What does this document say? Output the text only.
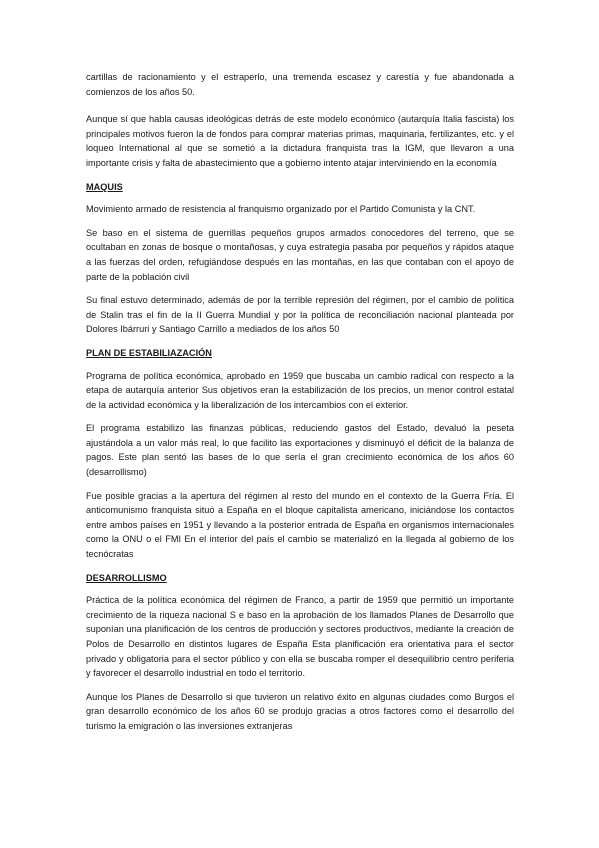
cartillas de racionamiento y el estraperlo, una tremenda escasez y carestía y fue abandonada a comienzos de los años 50.

Aunque sí que habla causas ideológicas detrás de este modelo económico (autarquía Italia fascista) los principales motivos fueron la de fondos para comprar materias primas, maquinaria, fertilizantes, etc. y el loqueo International al que se sometió a la dictadura franquista tras la IGM, que llevaron a una importante crisis y falta de abastecimiento que a gobierno intento atajar interviniendo en la economía

MAQUIS

Movimiento armado de resistencia al franquismo organizado por el Partido Comunista y la CNT.

Se baso en el sistema de guerrillas pequeños grupos armados conocedores del terreno, que se ocultaban en zonas de bosque o montañosas, y cuya estrategia pasaba por pequeños y rápidos ataque a las fuerzas del orden, refugiándose después en las montañas, en las que contaban con el apoyo de parte de la población civil

Su final estuvo determinado, además de por la terrible represión del régimen, por el cambio de política de Stalin tras el fin de la II Guerra Mundial y por la política de reconciliación nacional planteada por Dolores Ibárruri y Santiago Carrillo a mediados de los años 50

PLAN DE ESTABILIAZACIÓN

Programa de política económica, aprobado en 1959 que buscaba un cambio radical con respecto a la etapa de autarquía anterior Sus objetivos eran la estabilización de los precios, un menor control estatal de la actividad económica y la liberalización de los intercambios con el exterior.

El programa estabilizo las finanzas públicas, reduciendo gastos del Estado, devaluó la peseta ajustándola a un valor más real, lo que facilito las exportaciones y disminuyó el déficit de la balanza de pagos. Este plan sentó las bases de lo que sería el gran crecimiento económica de los años 60 (desarrollismo)

Fue posible gracias a la apertura del régimen al resto del mundo en el contexto de la Guerra Fría. El anticomunismo franquista situó a España en el bloque capitalista americano, iniciándose los contactos entre ambos países en 1951 y llevando a la posterior entrada de España en organismos internacionales como la ONU o el FMI En el interior del país el cambio se materializó en la llegada al gobierno de los tecnócratas

DESARROLLISMO

Práctica de la política económica del régimen de Franco, a partir de 1959 que permitió un importante crecimiento de la riqueza nacional S e baso en la aprobación de los llamados Planes de Desarrollo que suponían una planificación de los centros de producción y sectores productivos, mediante la creación de Polos de Desarrollo en distintos lugares de España Esta planificación era orientativa para el sector privado y obligatoria para el sector público y con ella se buscaba romper el desequilibrio centro periferia y favorecer el desarrollo industrial en todo el territorio.

Aunque los Planes de Desarrollo si que tuvieron un relativo éxito en algunas ciudades como Burgos el gran desarrollo económico de los años 60 se produjo gracias a otros factores como el desarrollo del turismo la emigración o las inversiones extranjeras
